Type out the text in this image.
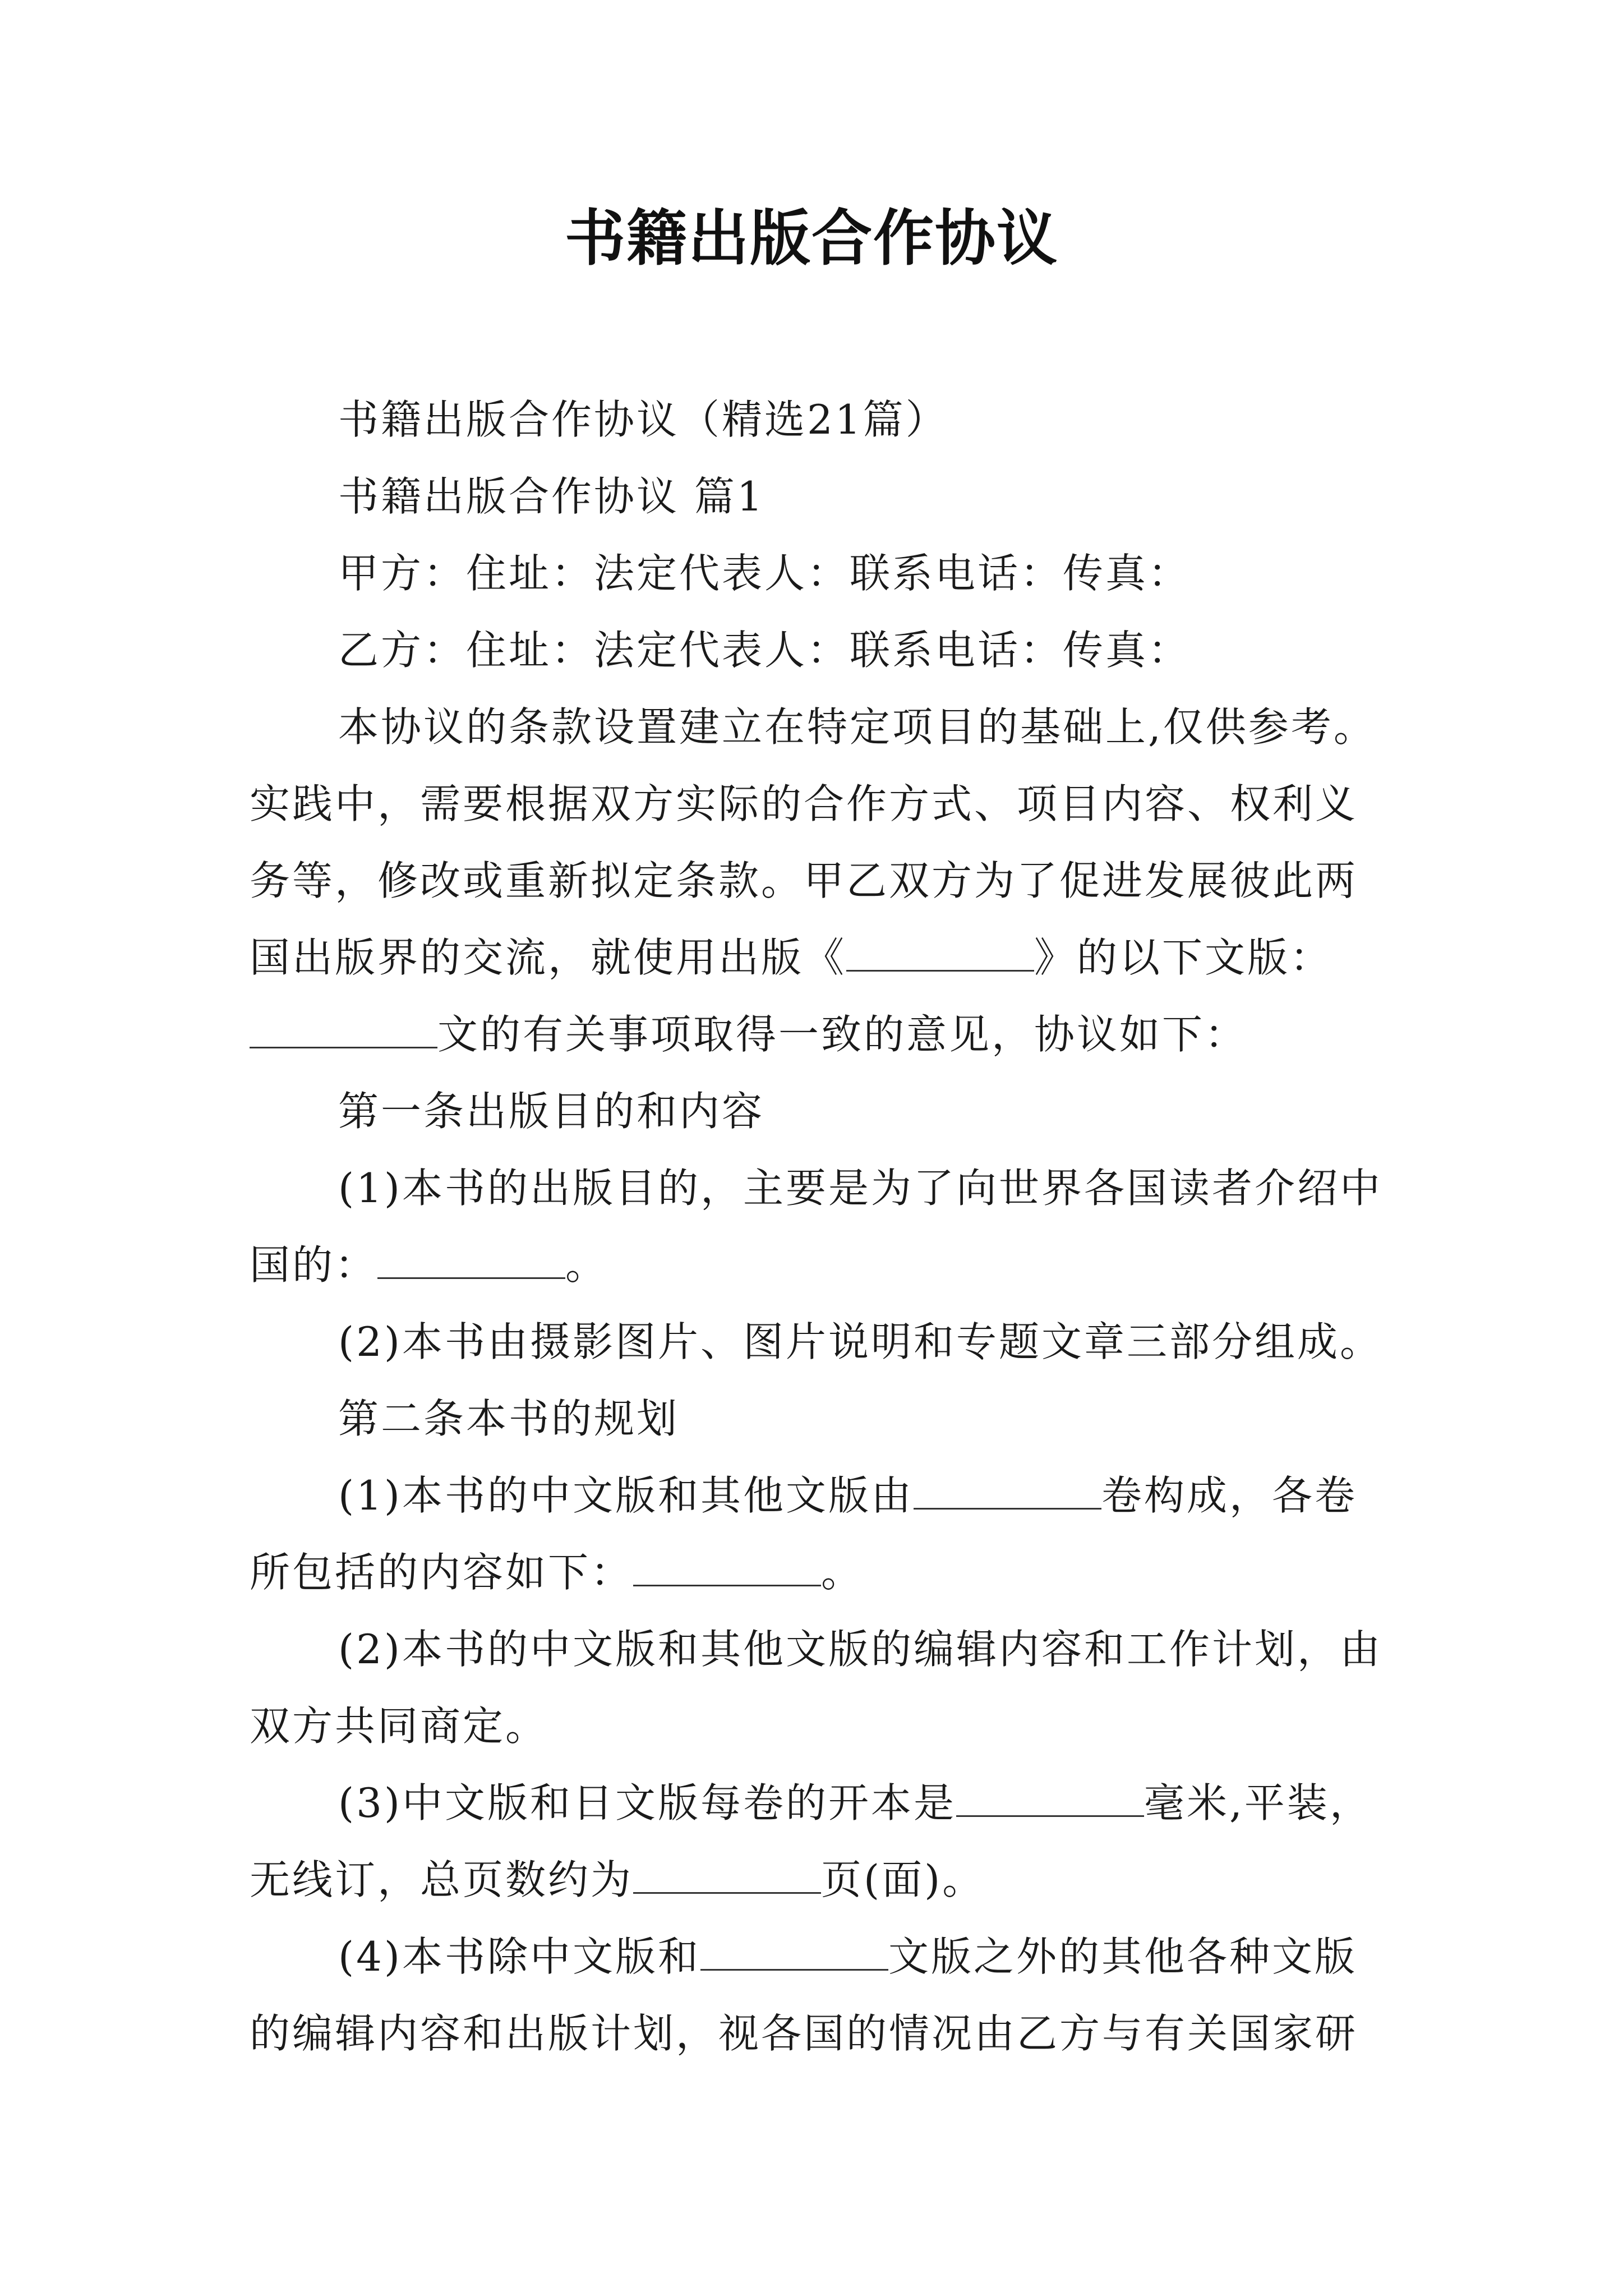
书籍出版合作协议

书籍出版合作协议（精选21篇）

书籍出版合作协议 篇1

甲方：住址：法定代表人：联系电话：传真：

乙方：住址：法定代表人：联系电话：传真：

本协议的条款设置建立在特定项目的基础上,仅供参考。实践中，需要根据双方实际的合作方式、项目内容、权利义务等，修改或重新拟定条款。甲乙双方为了促进发展彼此两国出版界的交流，就使用出版《	》的以下文版：文的有关事项取得一致的意见，协议如下：

第一条出版目的和内容

(1)本书的出版目的，主要是为了向世界各国读者介绍中国的：	。

(2)本书由摄影图片、图片说明和专题文章三部分组成。

第二条本书的规划

(1)本书的中文版和其他文版由	卷构成，各卷所包括的内容如下：	。

(2)本书的中文版和其他文版的编辑内容和工作计划，由双方共同商定。

(3)中文版和日文版每卷的开本是	毫米,平装，无线订，总页数约为	页(面)。

(4)本书除中文版和	文版之外的其他各种文版的编辑内容和出版计划，视各国的情况由乙方与有关国家研
